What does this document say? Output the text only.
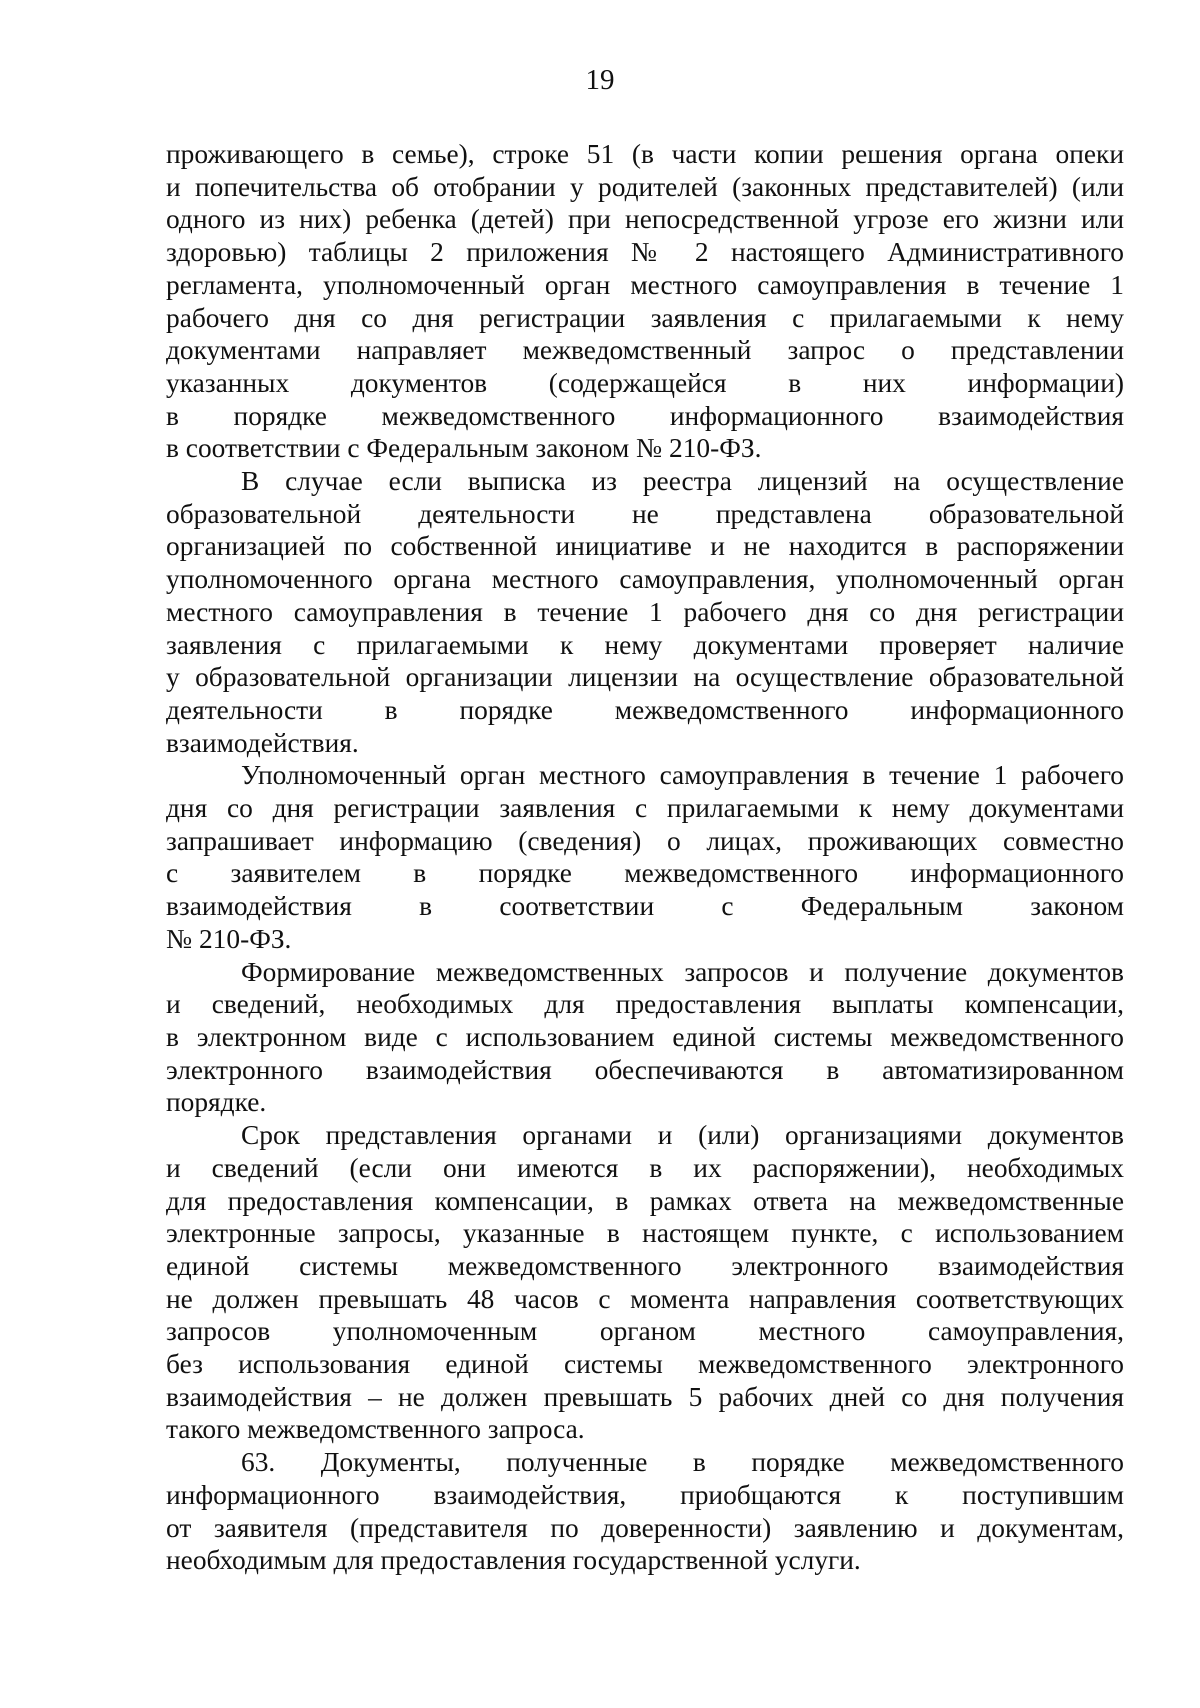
19
проживающего в семье), строке 51 (в части копии решения органа опеки
и попечительства об отобрании у родителей (законных представителей) (или
одного из них) ребенка (детей) при непосредственной угрозе его жизни или
здоровью) таблицы 2 приложения № 2 настоящего Административного
регламента, уполномоченный орган местного самоуправления в течение 1
рабочего дня со дня регистрации заявления с прилагаемыми к нему
документами направляет межведомственный запрос о представлении
указанных документов (содержащейся в них информации)
в порядке межведомственного информационного взаимодействия
в соответствии с Федеральным законом № 210-ФЗ.
В случае если выписка из реестра лицензий на осуществление
образовательной деятельности не представлена образовательной
организацией по собственной инициативе и не находится в распоряжении
уполномоченного органа местного самоуправления, уполномоченный орган
местного самоуправления в течение 1 рабочего дня со дня регистрации
заявления с прилагаемыми к нему документами проверяет наличие
у образовательной организации лицензии на осуществление образовательной
деятельности в порядке межведомственного информационного
взаимодействия.
Уполномоченный орган местного самоуправления в течение 1 рабочего
дня со дня регистрации заявления с прилагаемыми к нему документами
запрашивает информацию (сведения) о лицах, проживающих совместно
с заявителем в порядке межведомственного информационного
взаимодействия в соответствии с Федеральным законом
№ 210-ФЗ.
Формирование межведомственных запросов и получение документов
и сведений, необходимых для предоставления выплаты компенсации,
в электронном виде с использованием единой системы межведомственного
электронного взаимодействия обеспечиваются в автоматизированном
порядке.
Срок представления органами и (или) организациями документов
и сведений (если они имеются в их распоряжении), необходимых
для предоставления компенсации, в рамках ответа на межведомственные
электронные запросы, указанные в настоящем пункте, с использованием
единой системы межведомственного электронного взаимодействия
не должен превышать 48 часов с момента направления соответствующих
запросов уполномоченным органом местного самоуправления,
без использования единой системы межведомственного электронного
взаимодействия – не должен превышать 5 рабочих дней со дня получения
такого межведомственного запроса.
63. Документы, полученные в порядке межведомственного
информационного взаимодействия, приобщаются к поступившим
от заявителя (представителя по доверенности) заявлению и документам,
необходимым для предоставления государственной услуги.
